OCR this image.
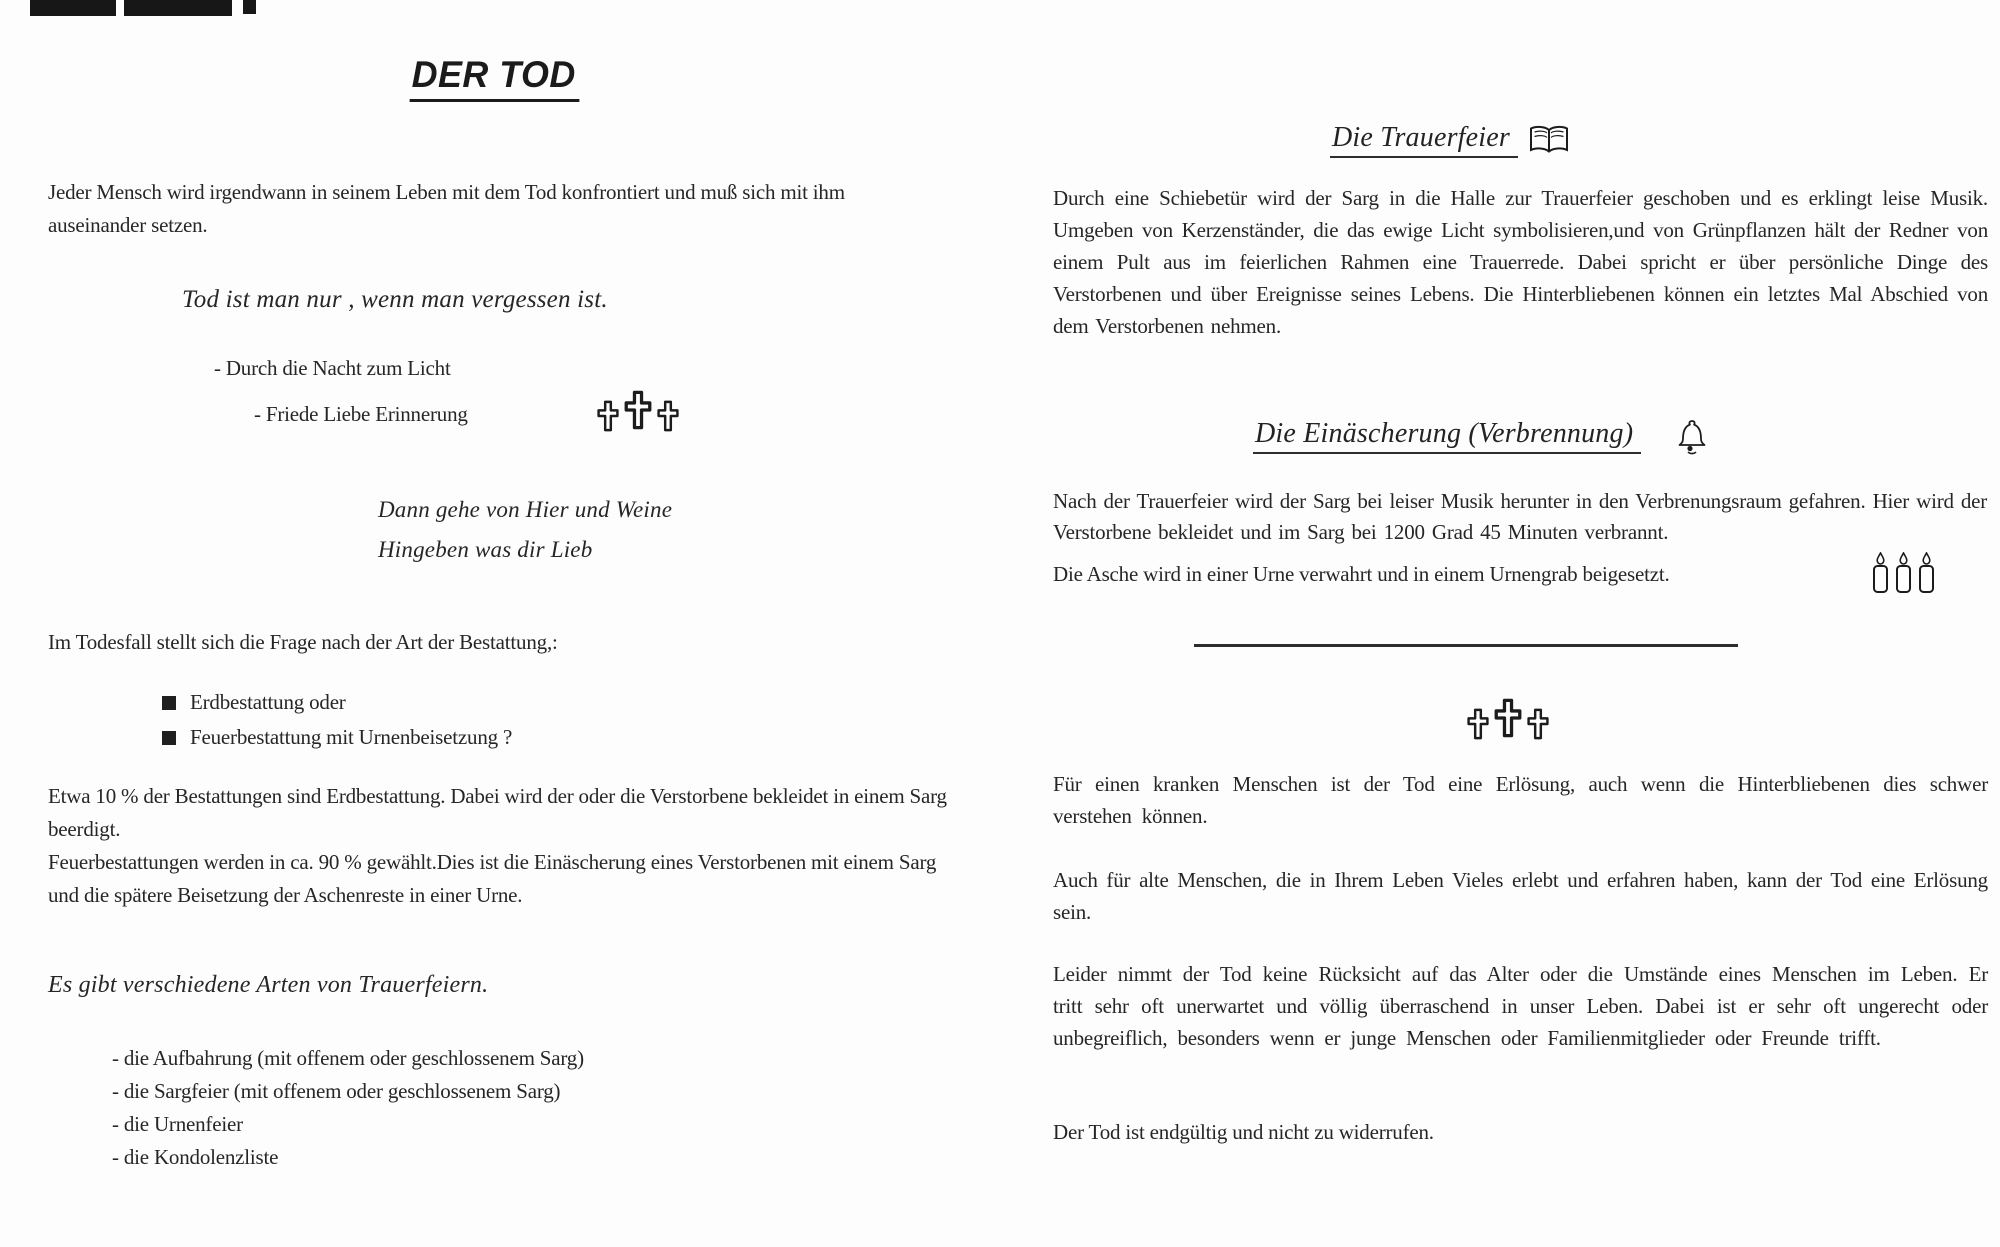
DER TOD

Jeder Mensch wird irgendwann in seinem Leben mit dem Tod konfrontiert und muß sich mit ihm auseinander setzen.

Tod ist man nur , wenn man vergessen ist.
- Durch die Nacht zum Licht
- Friede Liebe Erinnerung
Dann gehe von Hier und Weine
Hingeben was dir Lieb
Im Todesfall stellt sich die Frage nach der Art der Bestattung,:
Erdbestattung oder
Feuerbestattung mit Urnenbeisetzung ?

Etwa 10 % der Bestattungen sind Erdbestattung. Dabei wird der oder die Verstorbene bekleidet in einem Sarg beerdigt.

Feuerbestattungen werden in ca. 90 % gewählt.Dies ist die Einäscherung eines Verstorbenen mit einem Sarg und die spätere Beisetzung der Aschenreste in einer Urne.

Es gibt verschiedene Arten von Trauerfeiern.
- die Aufbahrung (mit offenem oder geschlossenem Sarg)
- die Sargfeier (mit offenem oder geschlossenem Sarg)
- die Urnenfeier
- die Kondolenzliste
Die Trauerfeier

Durch eine Schiebetür wird der Sarg in die Halle zur Trauerfeier geschoben und es erklingt leise Musik. Umgeben von Kerzenständer, die das ewige Licht symbolisieren,und von Grünpflanzen hält der Redner von einem Pult aus im feierlichen Rahmen eine Trauerrede. Dabei spricht er über persönliche Dinge des Verstorbenen und über Ereignisse seines Lebens. Die Hinterbliebenen können ein letztes Mal Abschied von dem Verstorbenen nehmen.

Die Einäscherung (Verbrennung)

Nach der Trauerfeier wird der Sarg bei leiser Musik herunter in den Verbrenungsraum gefahren. Hier wird der Verstorbene bekleidet und im Sarg bei 1200 Grad 45 Minuten verbrannt.

Die Asche wird in einer Urne verwahrt und in einem Urnengrab beigesetzt.

Für einen kranken Menschen ist der Tod eine Erlösung, auch wenn die Hinterbliebenen dies schwer verstehen können.

Auch für alte Menschen, die in Ihrem Leben Vieles erlebt und erfahren haben, kann der Tod eine Erlösung sein.

Leider nimmt der Tod keine Rücksicht auf das Alter oder die Umstände eines Menschen im Leben. Er tritt sehr oft unerwartet und völlig überraschend in unser Leben. Dabei ist er sehr oft ungerecht oder unbegreiflich, besonders wenn er junge Menschen oder Familienmitglieder oder Freunde trifft.

Der Tod ist endgültig und nicht zu widerrufen.
